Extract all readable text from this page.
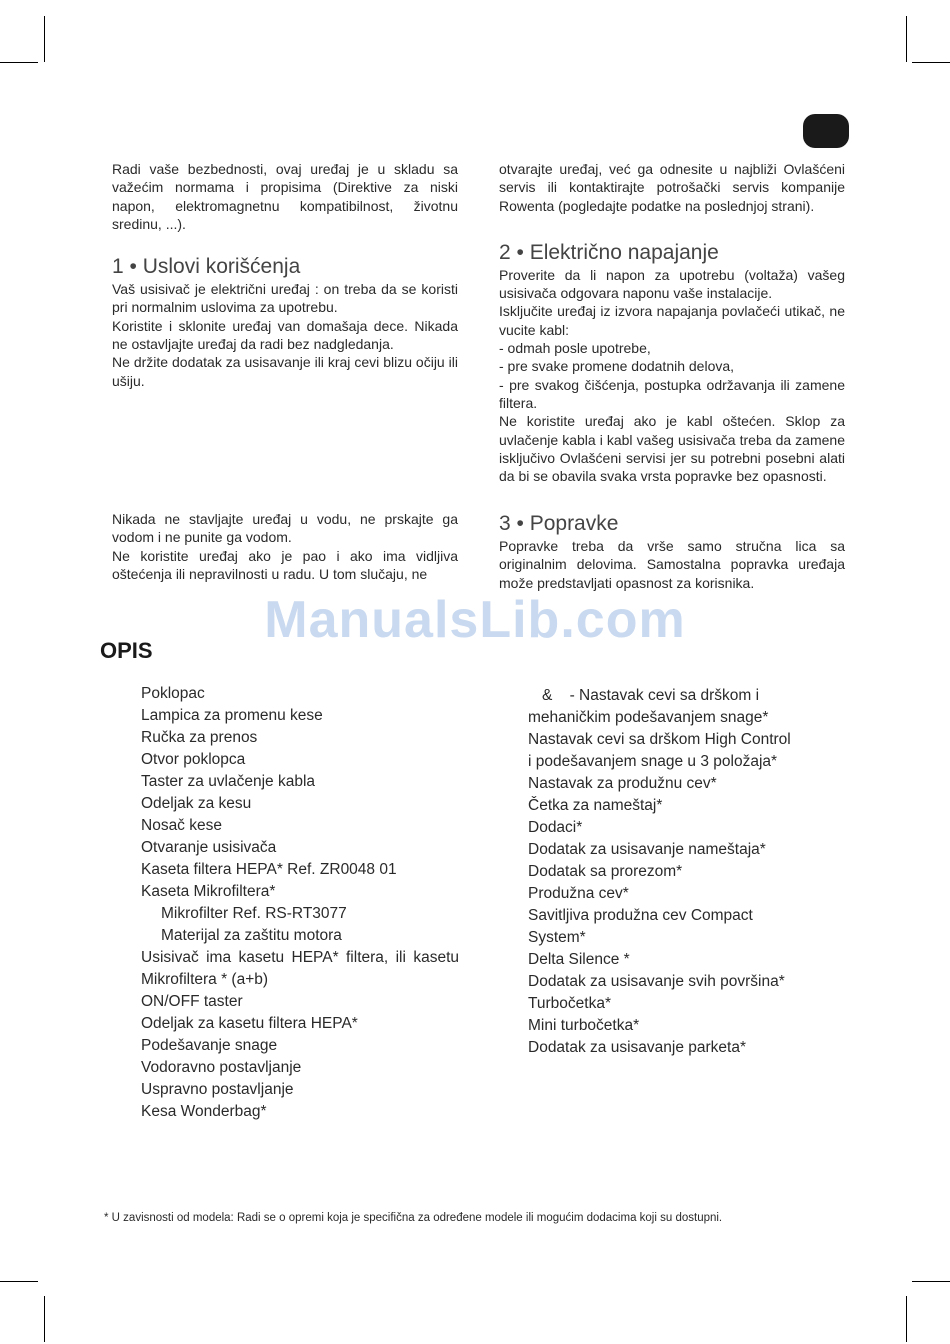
Radi vaše bezbednosti, ovaj uređaj je u skladu sa važećim normama i propisima (Direktive za niski napon, elektromagnetnu kompatibilnost, životnu sredinu, ...).

1 • Uslovi korišćenja

Vaš usisivač je električni uređaj : on treba da se koristi pri normalnim uslovima za upotrebu.

Koristite i sklonite uređaj van domašaja dece. Nikada ne ostavljajte uređaj da radi bez nadgledanja.

Ne držite dodatak za usisavanje ili kraj cevi blizu očiju ili ušiju.

Nikada ne stavljajte uređaj u vodu, ne prskajte ga vodom i ne punite ga vodom.

Ne koristite uređaj ako je pao i ako ima vidljiva oštećenja ili nepravilnosti u radu. U tom slučaju, ne

otvarajte uređaj, već ga odnesite u najbliži Ovlašćeni servis ili kontaktirajte potrošački servis kompanije Rowenta (pogledajte podatke na poslednjoj strani).

2 • Električno napajanje

Proverite da li napon za upotrebu (voltaža) vašeg usisivača odgovara naponu vaše instalacije.

Isključite uređaj iz izvora napajanja povlačeći utikač, ne vucite kabl:

- odmah posle upotrebe,

- pre svake promene dodatnih delova,

- pre svakog čišćenja, postupka održavanja ili zamene filtera.

Ne koristite uređaj ako je kabl oštećen. Sklop za uvlačenje kabla i kabl vašeg usisivača treba da zamene isključivo Ovlašćeni servisi jer su potrebni posebni alati da bi se obavila svaka vrsta popravke bez opasnosti.

3 • Popravke

Popravke treba da vrše samo stručna lica sa originalnim delovima. Samostalna popravka uređaja može predstavljati opasnost za korisnika.

ManualsLib.com
OPIS
Poklopac
Lampica za promenu kese
Ručka za prenos
Otvor poklopca
Taster za uvlačenje kabla
Odeljak za kesu
Nosač kese
Otvaranje usisivača
Kaseta filtera HEPA* Ref. ZR0048 01
Kaseta Mikrofiltera*
Mikrofilter Ref. RS-RT3077
Materijal za zaštitu motora
Usisivač ima kasetu HEPA* filtera, ili kasetu
Mikrofiltera * (a+b)
ON/OFF taster
Odeljak za kasetu filtera HEPA*
Podešavanje snage
Vodoravno postavljanje
Uspravno postavljanje
Kesa Wonderbag*
&    - Nastavak cevi sa drškom i
mehaničkim podešavanjem snage*
Nastavak cevi sa drškom High Control
i podešavanjem snage u 3 položaja*
Nastavak za produžnu cev*
Četka za nameštaj*
Dodaci*
Dodatak za usisavanje nameštaja*
Dodatak sa prorezom*
Produžna cev*
Savitljiva produžna cev Compact
System*
Delta Silence *
Dodatak za usisavanje svih površina*
Turbočetka*
Mini turbočetka*
Dodatak za usisavanje parketa*
* U zavisnosti od modela: Radi se o opremi koja je specifična za određene modele ili mogućim dodacima koji su dostupni.
